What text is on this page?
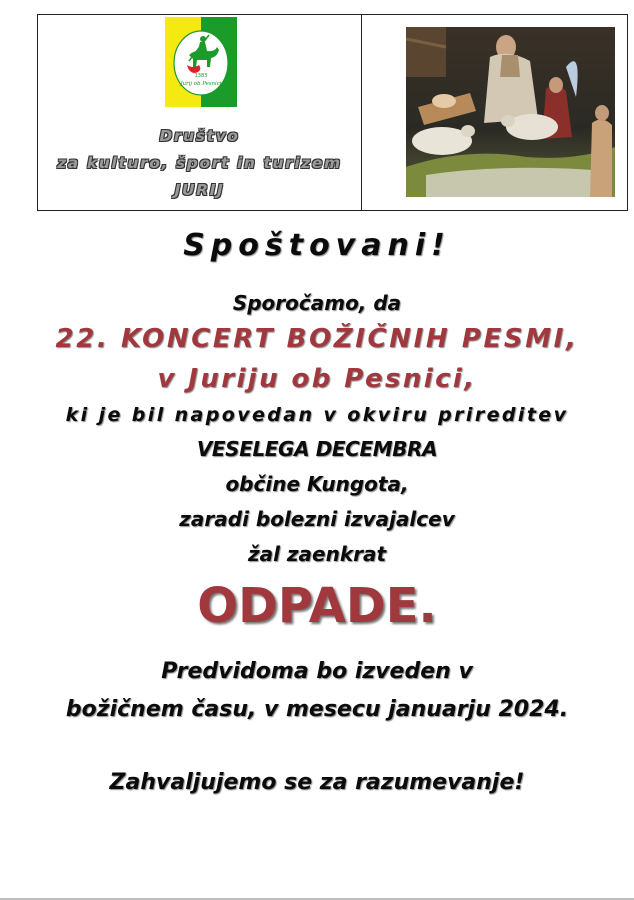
1383
Jurij ob Pesnici
Društvo
za kulturo, šport in turizem
JURIJ
Spoštovani!
Sporočamo, da
22. KONCERT BOŽIČNIH PESMI,
v Juriju ob Pesnici,
ki je bil napovedan v okviru prireditev
VESELEGA DECEMBRA
občine Kungota,
zaradi bolezni izvajalcev
žal zaenkrat
ODPADE.
Predvidoma bo izveden v
božičnem času, v mesecu januarju 2024.
Zahvaljujemo se za razumevanje!
